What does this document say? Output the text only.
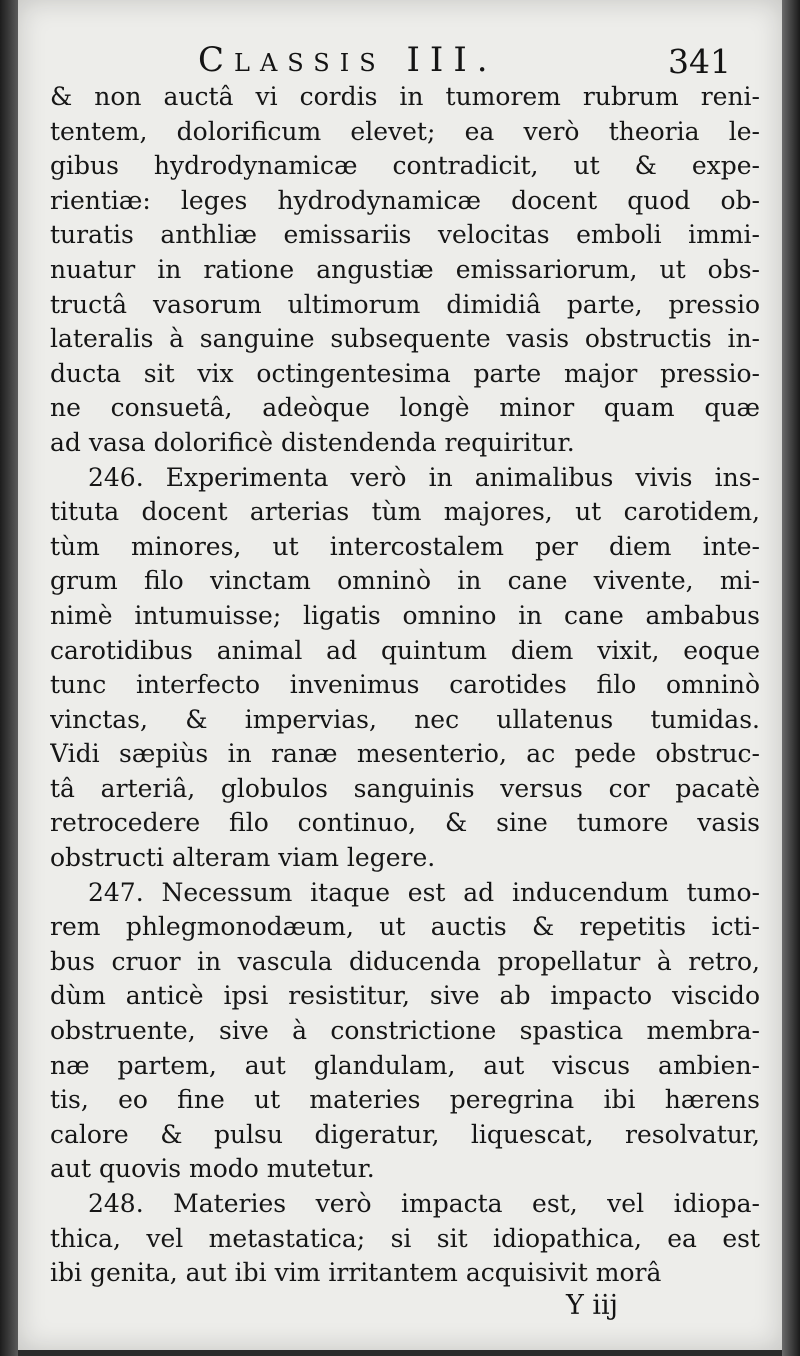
Classis III.	341
& non auctâ vi cordis in tumorem rubrum reni-
tentem, dolorificum elevet; ea verò theoria le-
gibus hydrodynamicæ contradicit, ut & expe-
rientiæ: leges hydrodynamicæ docent quod ob-
turatis anthliæ emissariis velocitas emboli immi-
nuatur in ratione angustiæ emissariorum, ut obs-
tructâ vasorum ultimorum dimidiâ parte, pressio
lateralis à sanguine subsequente vasis obstructis in-
ducta sit vix octingentesima parte major pressio-
ne consuetâ, adeòque longè minor quam quæ
ad vasa dolorificè distendenda requiritur.
246. Experimenta verò in animalibus vivis ins-
tituta docent arterias tùm majores, ut carotidem,
tùm minores, ut intercostalem per diem inte-
grum filo vinctam omninò in cane vivente, mi-
nimè intumuisse; ligatis omnino in cane ambabus
carotidibus animal ad quintum diem vixit, eoque
tunc interfecto invenimus carotides filo omninò
vinctas, & impervias, nec ullatenus tumidas.
Vidi sæpiùs in ranæ mesenterio, ac pede obstruc-
tâ arteriâ, globulos sanguinis versus cor pacatè
retrocedere filo continuo, & sine tumore vasis
obstructi alteram viam legere.
247. Necessum itaque est ad inducendum tumo-
rem phlegmonodæum, ut auctis & repetitis icti-
bus cruor in vascula diducenda propellatur à retro,
dùm anticè ipsi resistitur, sive ab impacto viscido
obstruente, sive à constrictione spastica membra-
næ partem, aut glandulam, aut viscus ambien-
tis, eo fine ut materies peregrina ibi hærens
calore & pulsu digeratur, liquescat, resolvatur,
aut quovis modo mutetur.
248. Materies verò impacta est, vel idiopa-
thica, vel metastatica; si sit idiopathica, ea est
ibi genita, aut ibi vim irritantem acquisivit morâ
Y iij
